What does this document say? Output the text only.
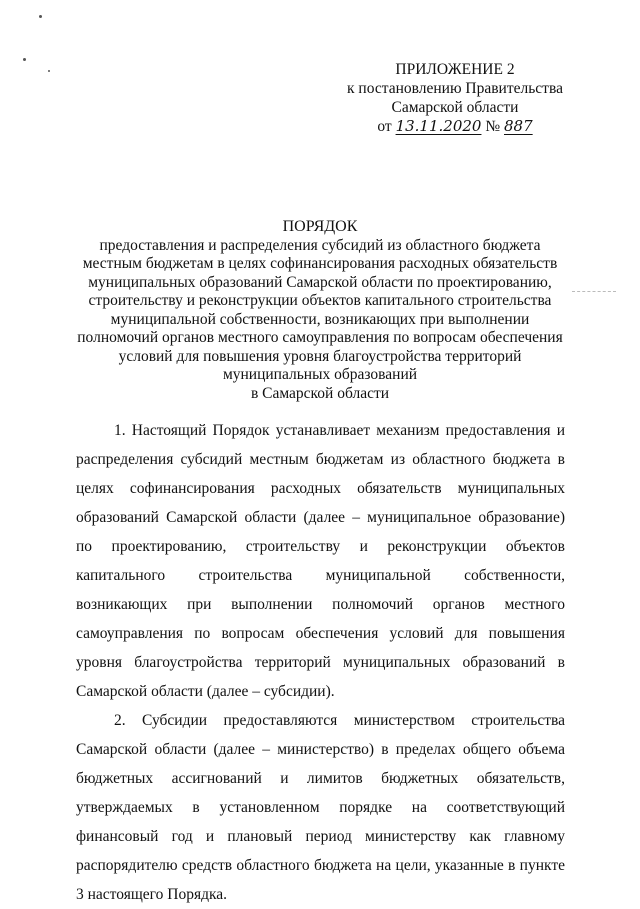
ПРИЛОЖЕНИЕ 2
к постановлению Правительства
Самарской области
от 13.11.2020 № 887
ПОРЯДОК
предоставления и распределения субсидий из областного бюджета
местным бюджетам в целях софинансирования расходных обязательств
муниципальных образований Самарской области по проектированию,
строительству и реконструкции объектов капитального строительства
муниципальной собственности, возникающих при выполнении
полномочий органов местного самоуправления по вопросам обеспечения
условий для повышения уровня благоустройства территорий
муниципальных образований
в Самарской области

1. Настоящий Порядок устанавливает механизм предоставления и распределения субсидий местным бюджетам из областного бюджета в целях софинансирования расходных обязательств муниципальных образований Самарской области (далее – муниципальное образование) по проектированию, строительству и реконструкции объектов капитального строительства муниципальной собственности, возникающих при выполнении полномочий органов местного самоуправления по вопросам обеспечения условий для повышения уровня благоустройства территорий муниципальных образований в Самарской области (далее – субсидии).

2. Субсидии предоставляются министерством строительства Самарской области (далее – министерство) в пределах общего объема бюджетных ассигнований и лимитов бюджетных обязательств, утверждаемых в установленном порядке на соответствующий финансовый год и плановый период министерству как главному распорядителю средств областного бюджета на цели, указанные в пункте 3 настоящего Порядка.
